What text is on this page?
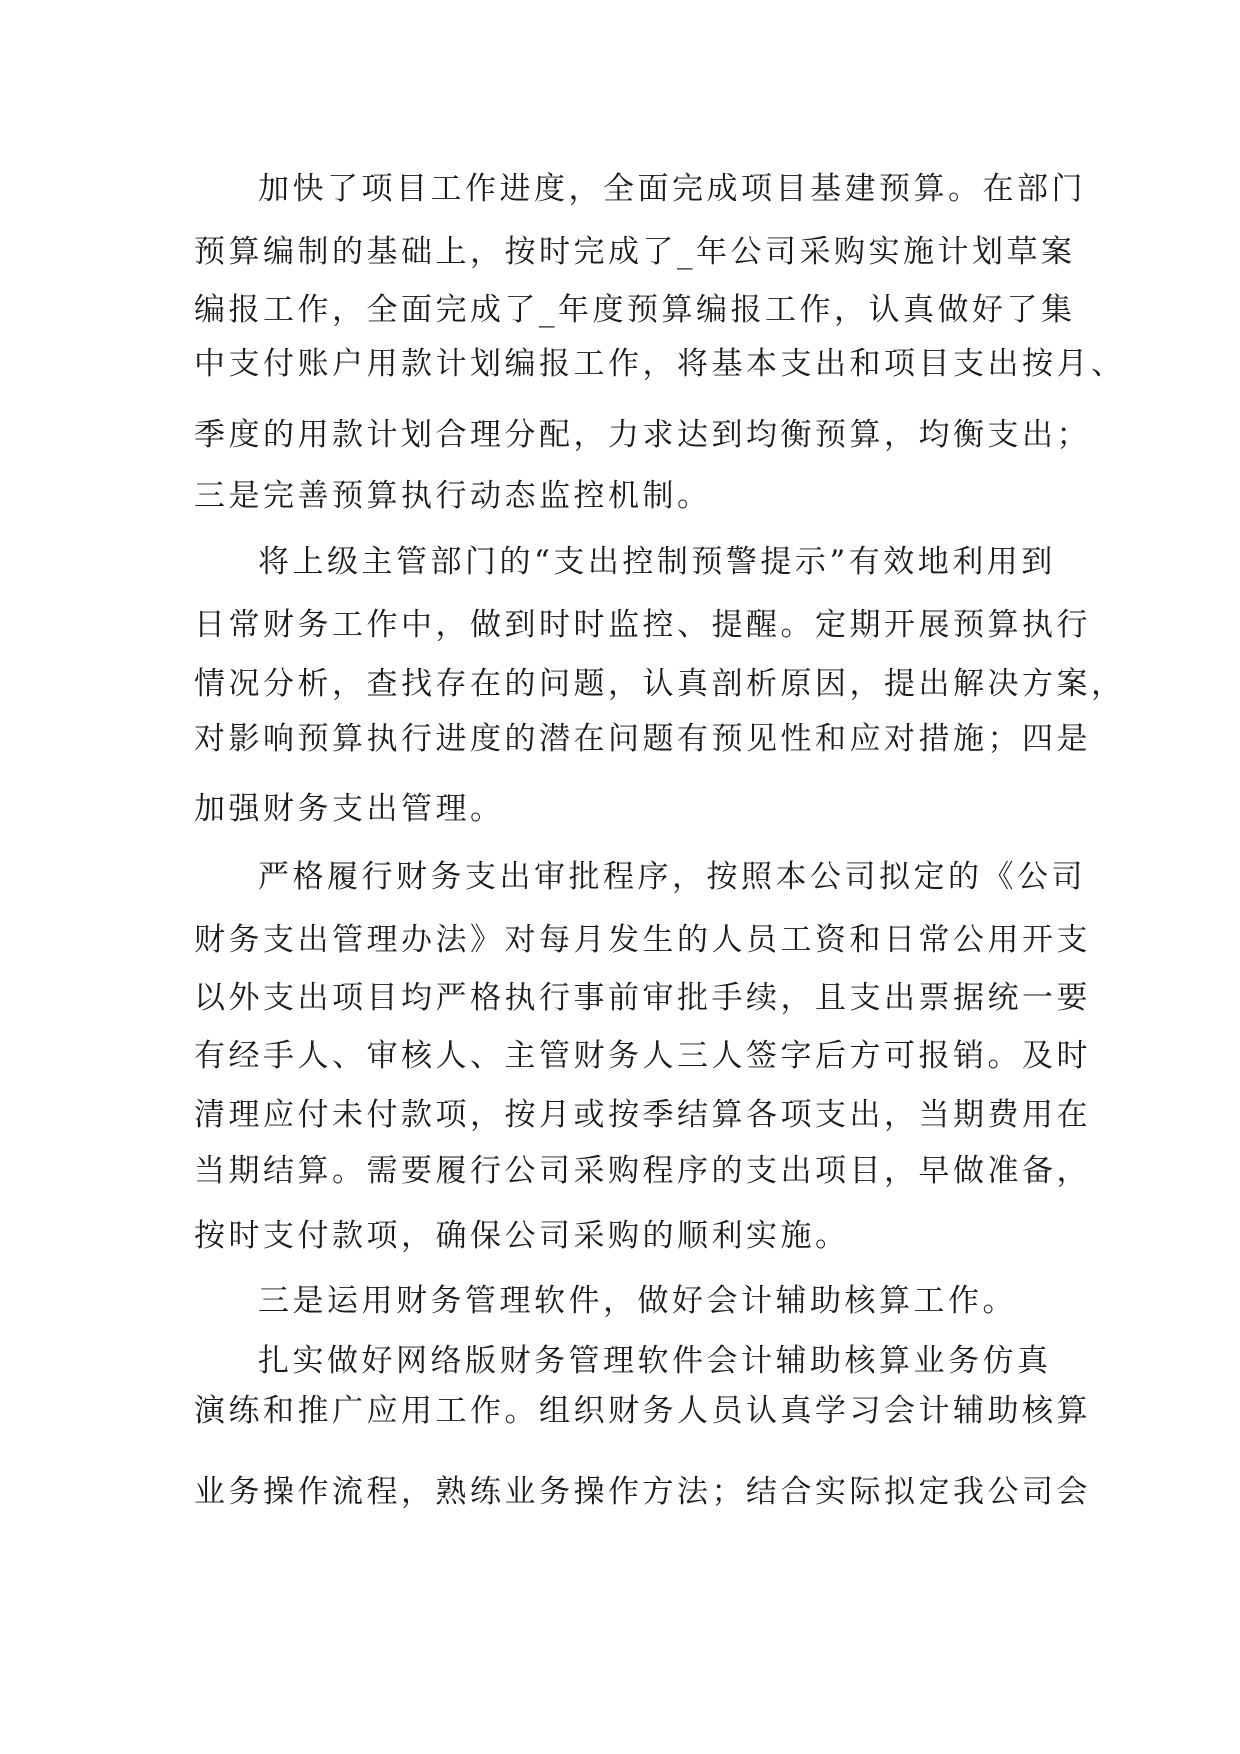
加快了项目工作进度，全面完成项目基建预算。在部门
预算编制的基础上，按时完成了_年公司采购实施计划草案
编报工作，全面完成了_年度预算编报工作，认真做好了集
中支付账户用款计划编报工作，将基本支出和项目支出按月、
季度的用款计划合理分配，力求达到均衡预算，均衡支出；
三是完善预算执行动态监控机制。
将上级主管部门的“支出控制预警提示”有效地利用到
日常财务工作中，做到时时监控、提醒。定期开展预算执行
情况分析，查找存在的问题，认真剖析原因，提出解决方案，
对影响预算执行进度的潜在问题有预见性和应对措施；四是
加强财务支出管理。
严格履行财务支出审批程序，按照本公司拟定的《公司
财务支出管理办法》对每月发生的人员工资和日常公用开支
以外支出项目均严格执行事前审批手续，且支出票据统一要
有经手人、审核人、主管财务人三人签字后方可报销。及时
清理应付未付款项，按月或按季结算各项支出，当期费用在
当期结算。需要履行公司采购程序的支出项目，早做准备，
按时支付款项，确保公司采购的顺利实施。
三是运用财务管理软件，做好会计辅助核算工作。
扎实做好网络版财务管理软件会计辅助核算业务仿真
演练和推广应用工作。组织财务人员认真学习会计辅助核算
业务操作流程，熟练业务操作方法；结合实际拟定我公司会
